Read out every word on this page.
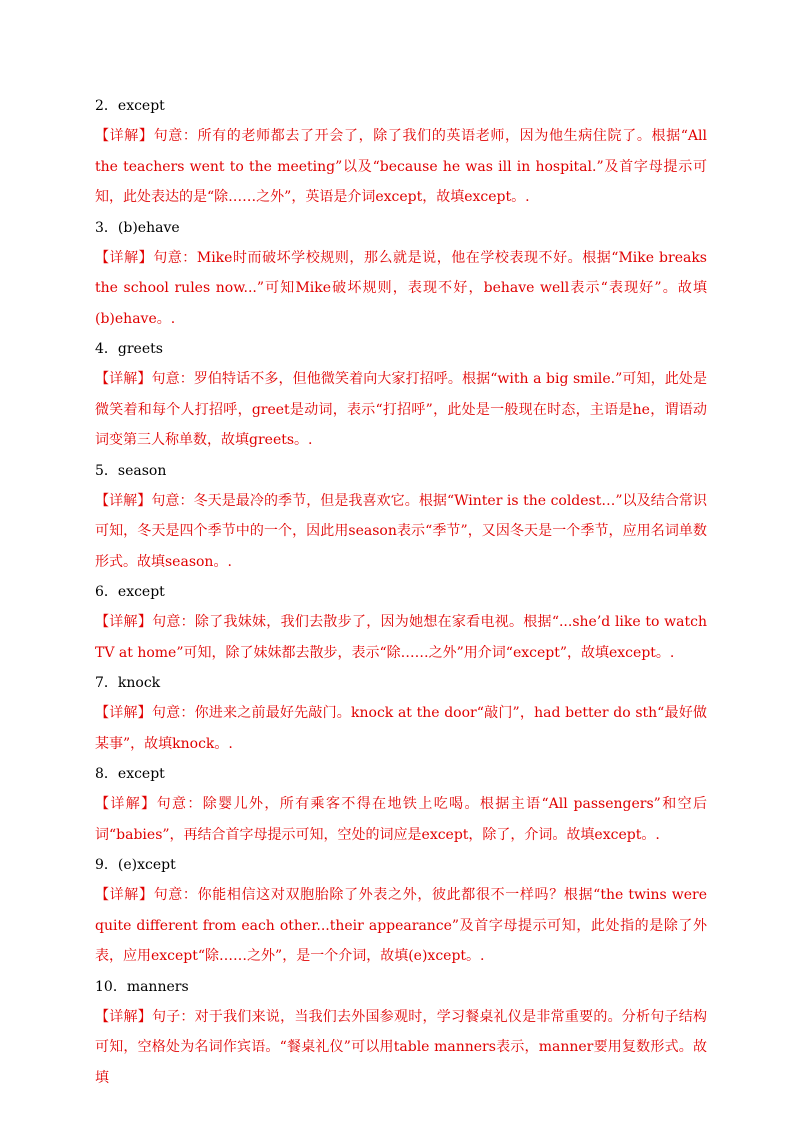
2．except
【详解】句意：所有的老师都去了开会了，除了我们的英语老师，因为他生病住院了。根据“All the teachers went to the meeting”以及“because he was ill in hospital.”及首字母提示可知，此处表达的是“除……之外”，英语是介词except，故填except。.
3．(b)ehave
【详解】句意：Mike时而破坏学校规则，那么就是说，他在学校表现不好。根据“Mike breaks the school rules now...”可知Mike破坏规则，表现不好，behave well表示“表现好”。故填(b)ehave。.
4．greets
【详解】句意：罗伯特话不多，但他微笑着向大家打招呼。根据“with a big smile.”可知，此处是微笑着和每个人打招呼，greet是动词，表示“打招呼”，此处是一般现在时态，主语是he，谓语动词变第三人称单数，故填greets。.
5．season
【详解】句意：冬天是最冷的季节，但是我喜欢它。根据“Winter is the coldest…”以及结合常识可知，冬天是四个季节中的一个，因此用season表示“季节”，又因冬天是一个季节，应用名词单数形式。故填season。.
6．except
【详解】句意：除了我妹妹，我们去散步了，因为她想在家看电视。根据“...she’d like to watch TV at home”可知，除了妹妹都去散步，表示“除……之外”用介词“except”，故填except。.
7．knock
【详解】句意：你进来之前最好先敲门。knock at the door“敲门”，had better do sth“最好做某事”，故填knock。.
8．except
【详解】句意：除婴儿外，所有乘客不得在地铁上吃喝。根据主语“All passengers”和空后词“babies”，再结合首字母提示可知，空处的词应是except，除了，介词。故填except。.
9．(e)xcept
【详解】句意：你能相信这对双胞胎除了外表之外，彼此都很不一样吗？根据“the twins were quite different from each other...their appearance”及首字母提示可知，此处指的是除了外表，应用except“除……之外”，是一个介词，故填(e)xcept。.
10．manners
【详解】句子：对于我们来说，当我们去外国参观时，学习餐桌礼仪是非常重要的。分析句子结构可知，空格处为名词作宾语。“餐桌礼仪”可以用table manners表示，manner要用复数形式。故填
